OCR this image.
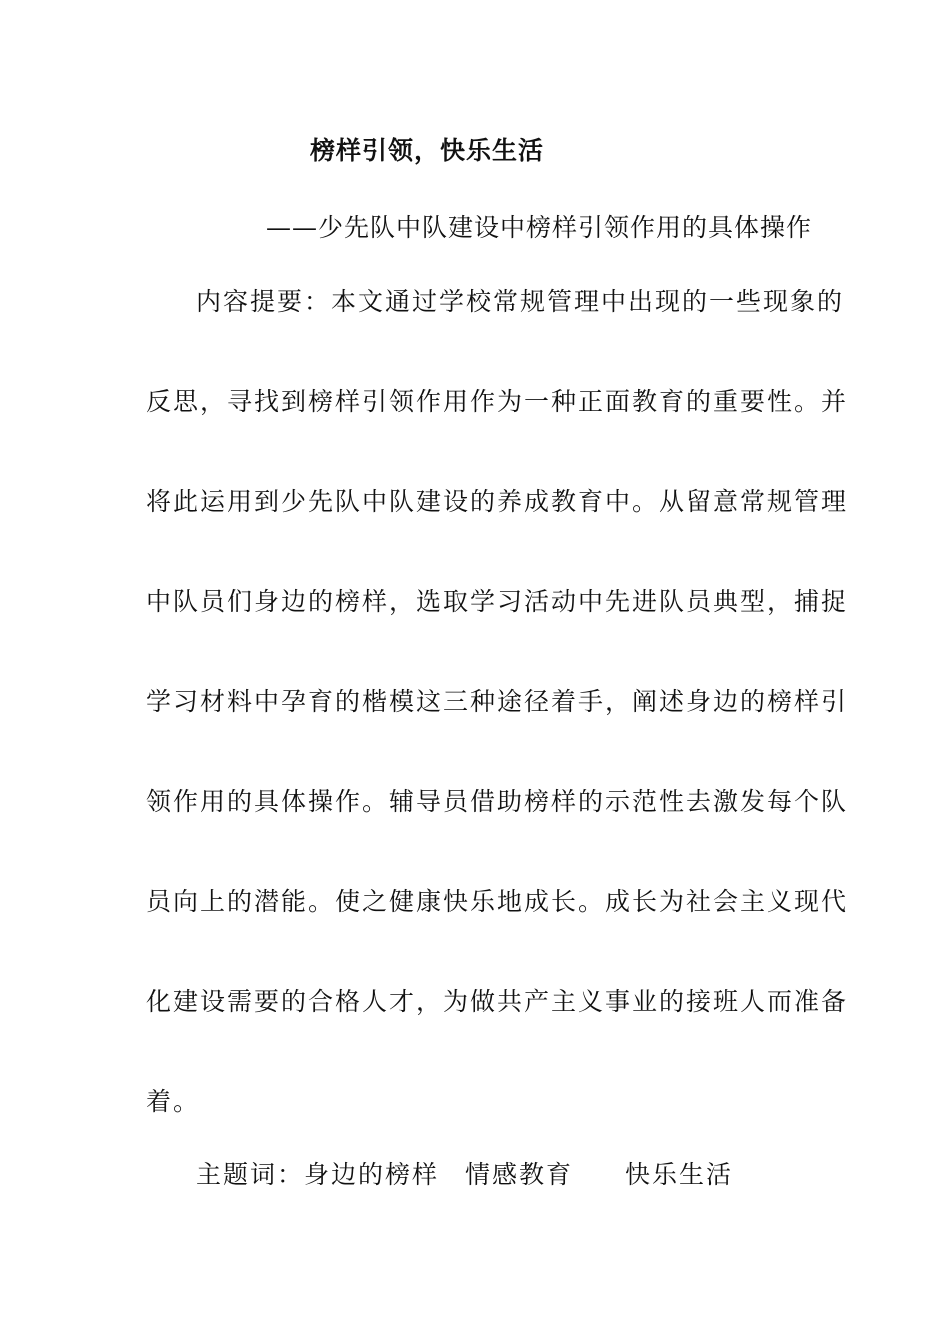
榜样引领，快乐生活
——少先队中队建设中榜样引领作用的具体操作
内容提要：本文通过学校常规管理中出现的一些现象的
反思，寻找到榜样引领作用作为一种正面教育的重要性。并
将此运用到少先队中队建设的养成教育中。从留意常规管理
中队员们身边的榜样，选取学习活动中先进队员典型，捕捉
学习材料中孕育的楷模这三种途径着手，阐述身边的榜样引
领作用的具体操作。辅导员借助榜样的示范性去激发每个队
员向上的潜能。使之健康快乐地成长。成长为社会主义现代
化建设需要的合格人才，为做共产主义事业的接班人而准备
着。
主题词：身边的榜样 情感教育 快乐生活
